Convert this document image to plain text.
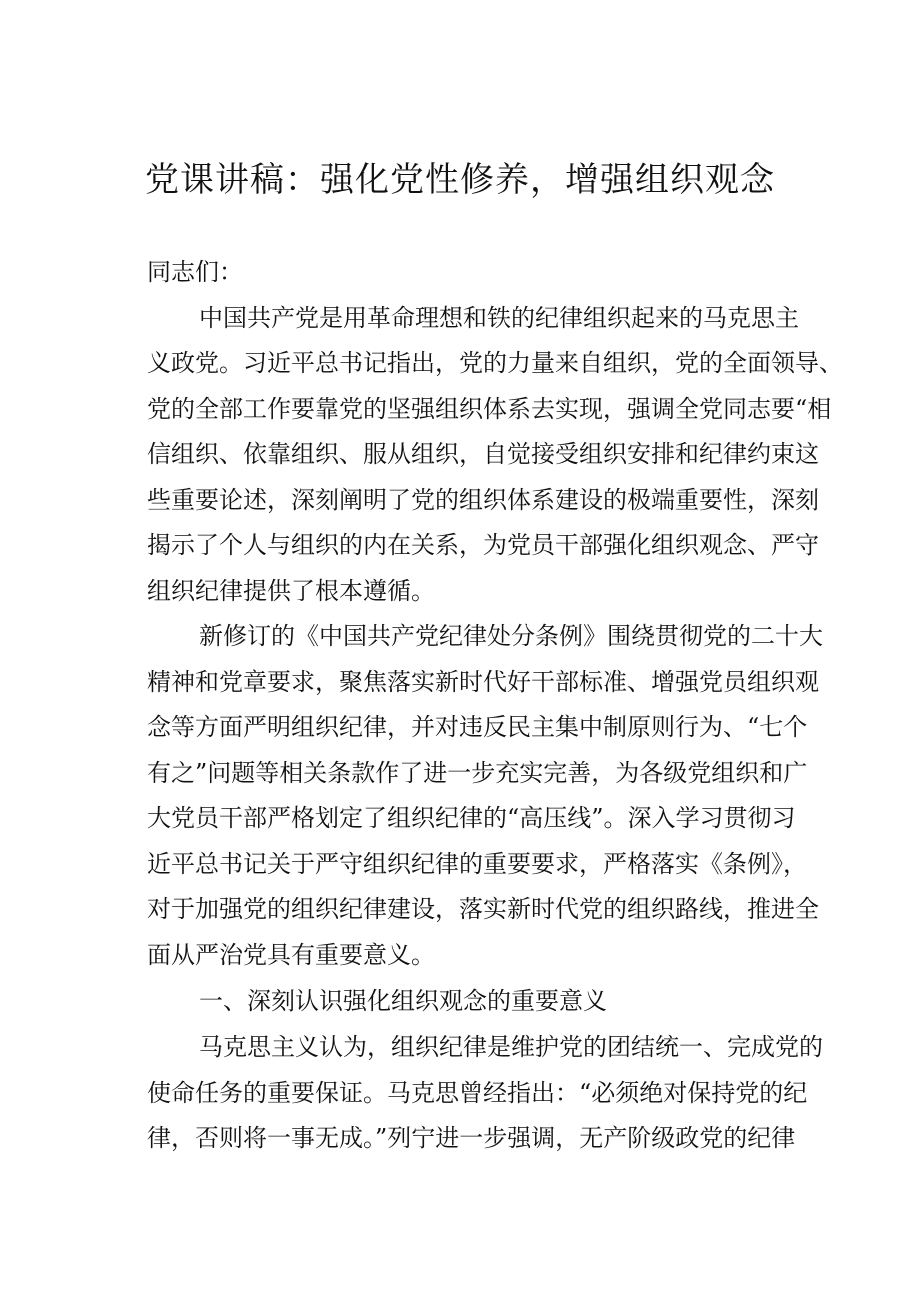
党课讲稿：强化党性修养，增强组织观念
同志们：
中国共产党是用革命理想和铁的纪律组织起来的马克思主
义政党。习近平总书记指出，党的力量来自组织，党的全面领导、
党的全部工作要靠党的坚强组织体系去实现，强调全党同志要“相
信组织、依靠组织、服从组织，自觉接受组织安排和纪律约束这
些重要论述，深刻阐明了党的组织体系建设的极端重要性，深刻
揭示了个人与组织的内在关系，为党员干部强化组织观念、严守
组织纪律提供了根本遵循。
新修订的《中国共产党纪律处分条例》围绕贯彻党的二十大
精神和党章要求，聚焦落实新时代好干部标准、增强党员组织观
念等方面严明组织纪律，并对违反民主集中制原则行为、“七个
有之”问题等相关条款作了进一步充实完善，为各级党组织和广
大党员干部严格划定了组织纪律的“高压线”。深入学习贯彻习
近平总书记关于严守组织纪律的重要要求，严格落实《条例》，
对于加强党的组织纪律建设，落实新时代党的组织路线，推进全
面从严治党具有重要意义。
一、深刻认识强化组织观念的重要意义
马克思主义认为，组织纪律是维护党的团结统一、完成党的
使命任务的重要保证。马克思曾经指出：“必须绝对保持党的纪
律，否则将一事无成。”列宁进一步强调，无产阶级政党的纪律
